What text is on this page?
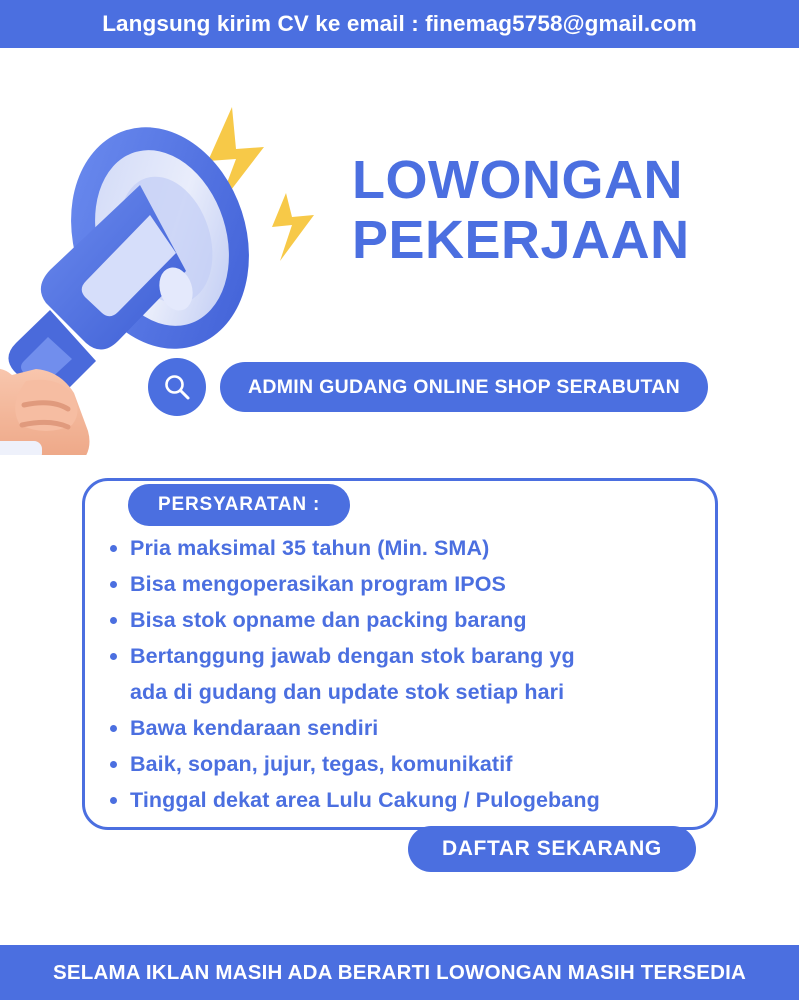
Langsung kirim CV ke email : finemag5758@gmail.com
LOWONGAN
PEKERJAAN
ADMIN GUDANG ONLINE SHOP SERABUTAN
PERSYARATAN :
Pria maksimal 35 tahun (Min. SMA)
Bisa mengoperasikan program IPOS
Bisa stok opname dan packing barang
Bertanggung jawab dengan stok barang yg
ada di gudang dan update stok setiap hari
Bawa kendaraan sendiri
Baik, sopan, jujur, tegas, komunikatif
Tinggal dekat area Lulu Cakung / Pulogebang
DAFTAR SEKARANG
SELAMA IKLAN MASIH ADA BERARTI LOWONGAN MASIH TERSEDIA
